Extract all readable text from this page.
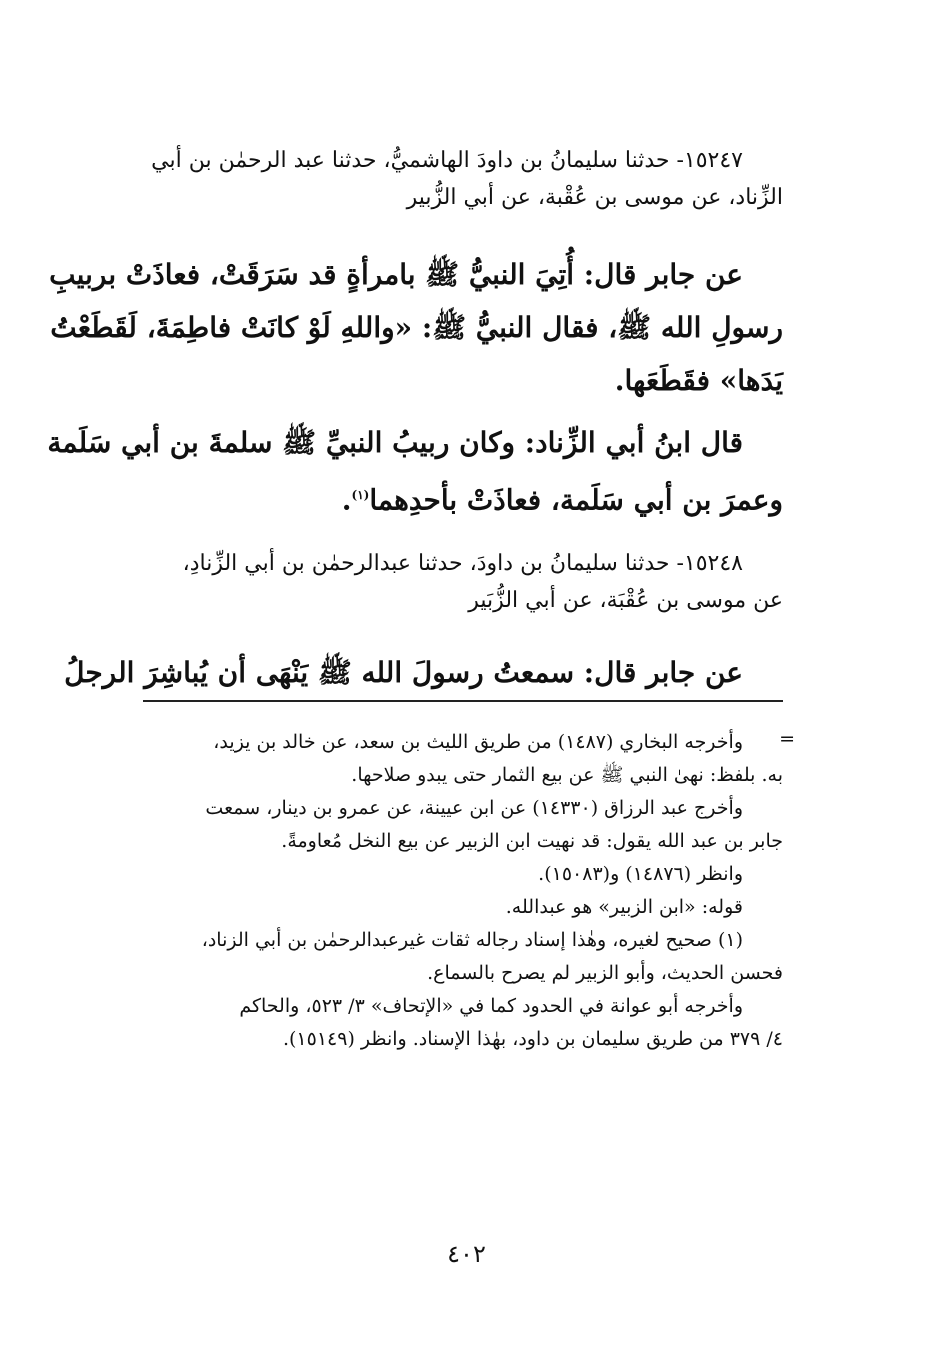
١٥٢٤٧- حدثنا سليمانُ بن داودَ الهاشميُّ، حدثنا عبد الرحمٰن بن أبي
الزِّناد، عن موسى بن عُقْبة، عن أبي الزُّبير
عن جابر قال: أُتِيَ النبيُّ ﷺ بامرأةٍ قد سَرَقَتْ، فعاذَتْ بربيبِ
رسولِ الله ﷺ، فقال النبيُّ ﷺ: «واللهِ لَوْ كانَتْ فاطِمَةَ، لَقَطَعْتُ
يَدَها» فقَطَعَها.
قال ابنُ أبي الزِّناد: وكان ربيبُ النبيِّ ﷺ سلمةَ بن أبي سَلَمة
وعمرَ بن أبي سَلَمة، فعاذَتْ بأحدِهما$^{(١)}$.
١٥٢٤٨- حدثنا سليمانُ بن داودَ، حدثنا عبدالرحمٰن بن أبي الزِّنادِ،
عن موسى بن عُقْبَة، عن أبي الزُّبَير
عن جابر قال: سمعتُ رسولَ الله ﷺ يَنْهَى أن يُباشِرَ الرجلُ
=
وأخرجه البخاري (١٤٨٧) من طريق الليث بن سعد، عن خالد بن يزيد،
به. بلفظ: نهىٰ النبي ﷺ عن بيع الثمار حتى يبدو صلاحها.
وأخرج عبد الرزاق (١٤٣٣٠) عن ابن عيينة، عن عمرو بن دينار، سمعت
جابر بن عبد الله يقول: قد نهيت ابن الزبير عن بيع النخل مُعاومةً.
وانظر (١٤٨٧٦) و(١٥٠٨٣).
قوله: «ابن الزبير» هو عبدالله.
(١) صحيح لغيره، وهٰذا إسناد رجاله ثقات غيرعبدالرحمٰن بن أبي الزناد،
فحسن الحديث، وأبو الزبير لم يصرح بالسماع.
وأخرجه أبو عوانة في الحدود كما في «الإتحاف» ٣/ ٥٢٣، والحاكم
٤/ ٣٧٩ من طريق سليمان بن داود، بهٰذا الإسناد. وانظر (١٥١٤٩).
٤٠٢
